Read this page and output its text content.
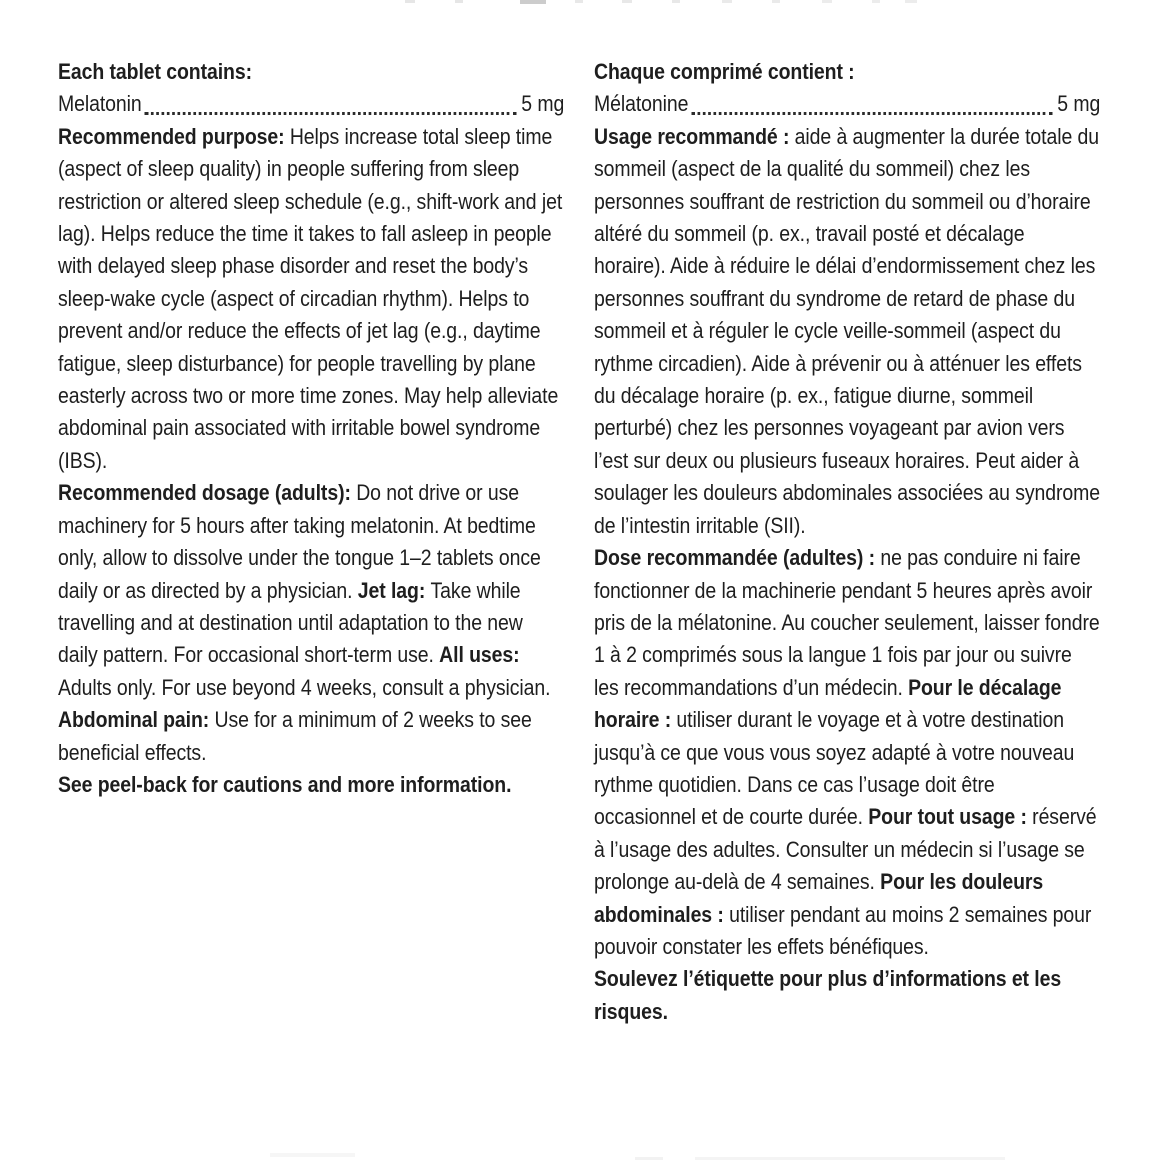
Each tablet contains:
Melatonin	5 mg

Recommended purpose: Helps increase total sleep time (aspect of sleep quality) in people suffering from sleep restriction or altered sleep schedule (e.g., shift-work and jet lag). Helps reduce the time it takes to fall asleep in people with delayed sleep phase disorder and reset the body’s sleep-wake cycle (aspect of circadian rhythm). Helps to prevent and/or reduce the effects of jet lag (e.g., daytime fatigue, sleep disturbance) for people travelling by plane easterly across two or more time zones. May help alleviate abdominal pain associated with irritable bowel syndrome (IBS).

Recommended dosage (adults): Do not drive or use machinery for 5 hours after taking melatonin. At bedtime only, allow to dissolve under the tongue 1–2 tablets once daily or as directed by a physician. Jet lag: Take while travelling and at destination until adaptation to the new daily pattern. For occasional short-term use. All uses: Adults only. For use beyond 4 weeks, consult a physician. Abdominal pain: Use for a minimum of 2 weeks to see beneficial effects.

See peel-back for cautions and more information.

Chaque comprimé contient :
Mélatonine	5 mg

Usage recommandé : aide à augmenter la durée totale du sommeil (aspect de la qualité du sommeil) chez les personnes souffrant de restriction du sommeil ou d’horaire altéré du sommeil (p. ex., travail posté et décalage horaire). Aide à réduire le délai d’endormissement chez les personnes souffrant du syndrome de retard de phase du sommeil et à réguler le cycle veille-sommeil (aspect du rythme circadien). Aide à prévenir ou à atténuer les effets du décalage horaire (p. ex., fatigue diurne, sommeil perturbé) chez les personnes voyageant par avion vers l’est sur deux ou plusieurs fuseaux horaires. Peut aider à soulager les douleurs abdominales associées au syndrome de l’intestin irritable (SII).

Dose recommandée (adultes) : ne pas conduire ni faire fonctionner de la machinerie pendant 5 heures après avoir pris de la mélatonine. Au coucher seulement, laisser fondre 1 à 2 comprimés sous la langue 1 fois par jour ou suivre les recommandations d’un médecin. Pour le décalage horaire : utiliser durant le voyage et à votre destination jusqu’à ce que vous vous soyez adapté à votre nouveau rythme quotidien. Dans ce cas l’usage doit être occasionnel et de courte durée. Pour tout usage : réservé à l’usage des adultes. Consulter un médecin si l’usage se prolonge au-delà de 4 semaines. Pour les douleurs abdominales : utiliser pendant au moins 2 semaines pour pouvoir constater les effets bénéfiques.

Soulevez l’étiquette pour plus d’informations et les risques.
